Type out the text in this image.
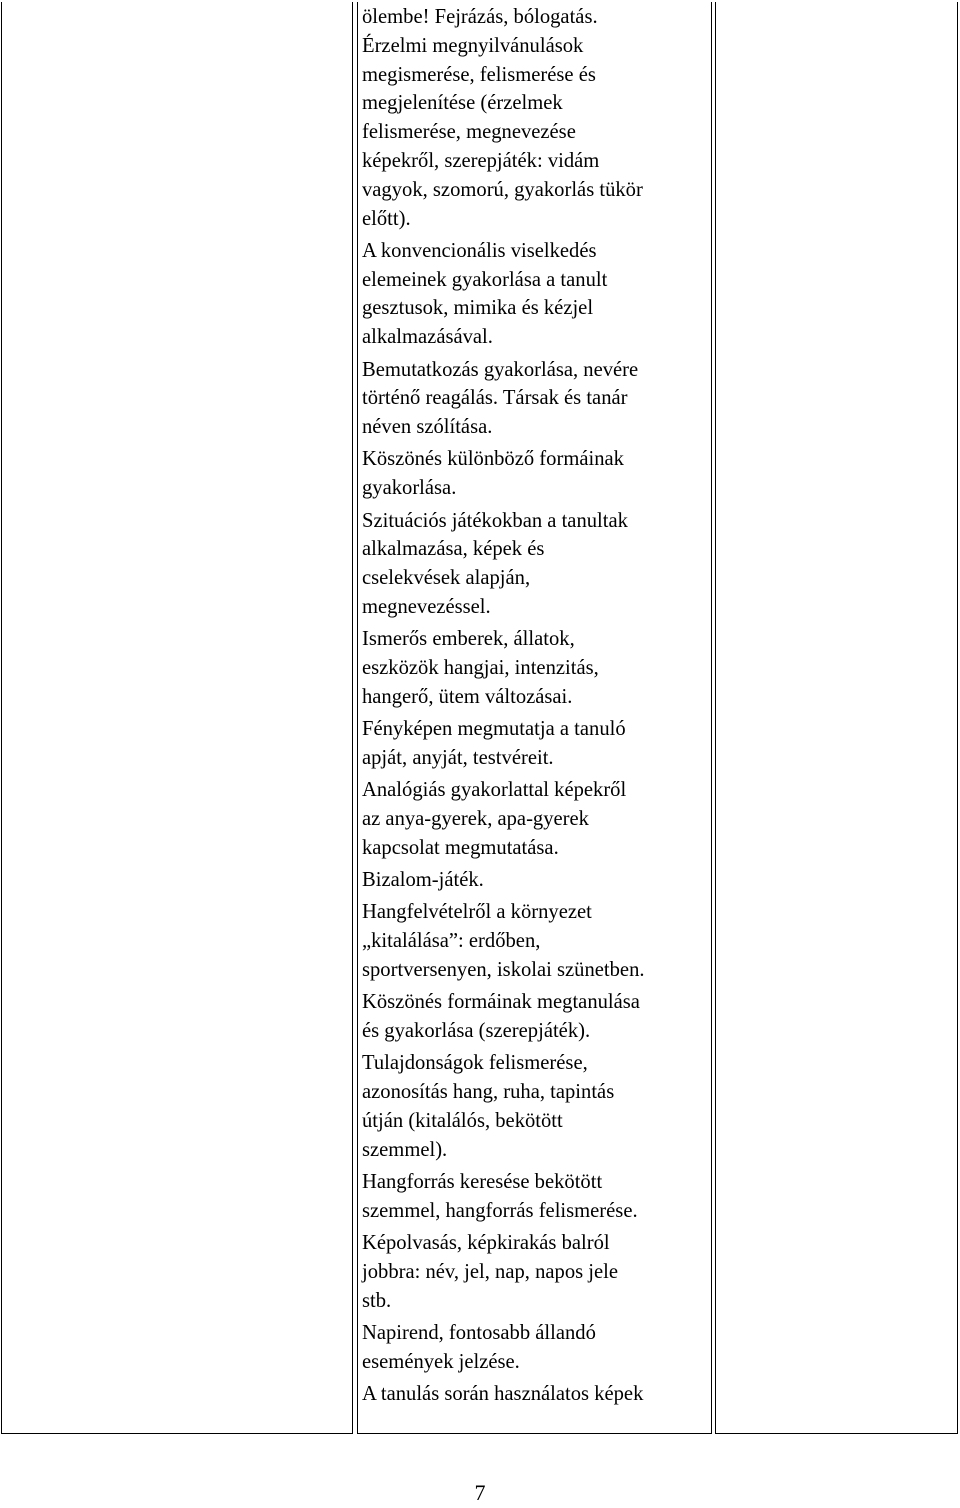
ölembe! Fejrázás, bólogatás.
Érzelmi megnyilvánulások
megismerése, felismerése és
megjelenítése (érzelmek
felismerése, megnevezése
képekről, szerepjáték: vidám
vagyok, szomorú, gyakorlás tükör
előtt).
A konvencionális viselkedés
elemeinek gyakorlása a tanult
gesztusok, mimika és kézjel
alkalmazásával.
Bemutatkozás gyakorlása, nevére
történő reagálás. Társak és tanár
néven szólítása.
Köszönés különböző formáinak
gyakorlása.
Szituációs játékokban a tanultak
alkalmazása, képek és
cselekvések alapján,
megnevezéssel.
Ismerős emberek, állatok,
eszközök hangjai, intenzitás,
hangerő, ütem változásai.
Fényképen megmutatja a tanuló
apját, anyját, testvéreit.
Analógiás gyakorlattal képekről
az anya-gyerek, apa-gyerek
kapcsolat megmutatása.
Bizalom-játék.
Hangfelvételről a környezet
„kitalálása”: erdőben,
sportversenyen, iskolai szünetben.
Köszönés formáinak megtanulása
és gyakorlása (szerepjáték).
Tulajdonságok felismerése,
azonosítás hang, ruha, tapintás
útján (kitalálós, bekötött
szemmel).
Hangforrás keresése bekötött
szemmel, hangforrás felismerése.
Képolvasás, képkirakás balról
jobbra: név, jel, nap, napos jele
stb.
Napirend, fontosabb állandó
események jelzése.
A tanulás során használatos képek
7
